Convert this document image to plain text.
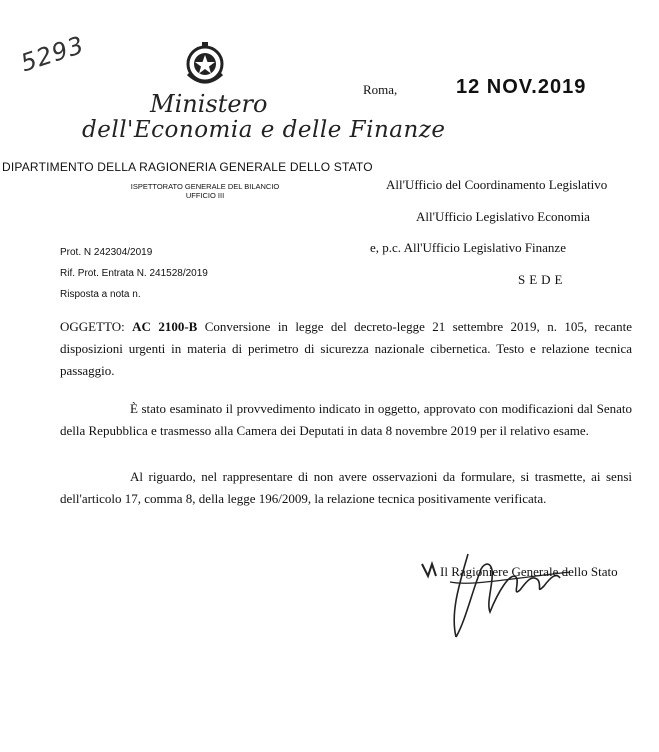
5293
Ministero
dell'Economia e delle Finanze
DIPARTIMENTO DELLA RAGIONERIA GENERALE DELLO STATO
ISPETTORATO GENERALE DEL BILANCIO
UFFICIO III
Roma,	12 NOV.2019
All'Ufficio del Coordinamento Legislativo
All'Ufficio Legislativo Economia
e, p.c. All'Ufficio Legislativo Finanze
SEDE
Prot. N 242304/2019
Rif. Prot. Entrata N. 241528/2019
Risposta a nota n.
OGGETTO: AC 2100-B Conversione in legge del decreto-legge 21 settembre 2019, n. 105, recante disposizioni urgenti in materia di perimetro di sicurezza nazionale cibernetica. Testo e relazione tecnica passaggio.
È stato esaminato il provvedimento indicato in oggetto, approvato con modificazioni dal Senato della Repubblica e trasmesso alla Camera dei Deputati in data 8 novembre 2019 per il relativo esame.
Al riguardo, nel rappresentare di non avere osservazioni da formulare, si trasmette, ai sensi dell'articolo 17, comma 8, della legge 196/2009, la relazione tecnica positivamente verificata.
Il Ragioniere Generale dello Stato
